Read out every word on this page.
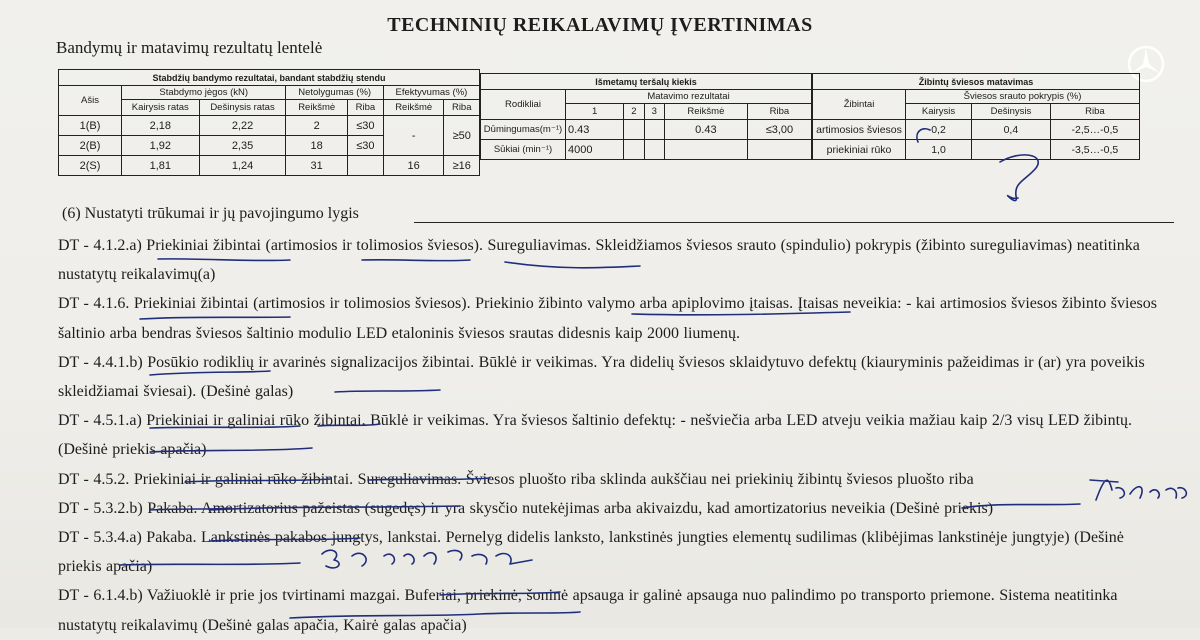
TECHNINIŲ REIKALAVIMŲ ĮVERTINIMAS
Bandymų ir matavimų rezultatų lentelė
Stabdžių bandymo rezultatai, bandant stabdžių stendu						
Ašis	Stabdymo jėgos (kN)		Netolygumas (%)		Efektyvumas (%)	
	Kairysis ratas	Dešinysis ratas	Reikšmė	Riba	Reikšmė	Riba
1(B)	2,18	2,22	2	≤30	-	≥50
2(B)	1,92	2,35	18	≤30		
2(S)	1,81	1,24	31		16	≥16
Išmetamų teršalų kiekis					
Rodikliai	Matavimo rezultatai				
	1	2	3	Reikšmė	Riba
Dūmingumas(m⁻¹)	0.43			0.43	≤3,00
Sūkiai (min⁻¹)	4000				
Žibintų šviesos matavimas			
Žibintai	Šviesos srauto pokrypis (%)		
	Kairysis	Dešinysis	Riba
artimosios šviesos	0,2	0,4	-2,5…-0,5
priekiniai rūko	1,0		-3,5…-0,5
(6) Nustatyti trūkumai ir jų pavojingumo lygis

DT - 4.1.2.a) Priekiniai žibintai (artimosios ir tolimosios šviesos). Sureguliavimas. Skleidžiamos šviesos srauto (spindulio) pokrypis (žibinto sureguliavimas) neatitinka nustatytų reikalavimų(a)

DT - 4.1.6. Priekiniai žibintai (artimosios ir tolimosios šviesos). Priekinio žibinto valymo arba apiplovimo įtaisas. Įtaisas neveikia: - kai artimosios šviesos žibinto šviesos šaltinio arba bendras šviesos šaltinio modulio LED etaloninis šviesos srautas didesnis kaip 2000 liumenų.

DT - 4.4.1.b) Posūkio rodiklių ir avarinės signalizacijos žibintai. Būklė ir veikimas. Yra didelių šviesos sklaidytuvo defektų (kiauryminis pažeidimas ir (ar) yra poveikis skleidžiamai šviesai). (Dešinė galas)

DT - 4.5.1.a) Priekiniai ir galiniai rūko žibintai. Būklė ir veikimas. Yra šviesos šaltinio defektų: - nešviečia arba LED atveju veikia mažiau kaip 2/3 visų LED žibintų. (Dešinė priekis apačia)

DT - 4.5.2. Priekiniai ir galiniai rūko žibintai. Sureguliavimas. Šviesos pluošto riba sklinda aukščiau nei priekinių žibintų šviesos pluošto riba

DT - 5.3.2.b) Pakaba. Amortizatorius pažeistas (sugedęs) ir yra skysčio nutekėjimas arba akivaizdu, kad amortizatorius neveikia (Dešinė priekis)

DT - 5.3.4.a) Pakaba. Lankstinės pakabos jungtys, lankstai. Pernelyg didelis lanksto, lankstinės jungties elementų sudilimas (klibėjimas lankstinėje jungtyje) (Dešinė priekis apačia)

DT - 6.1.4.b) Važiuoklė ir prie jos tvirtinami mazgai. Buferiai, priekinė, šoninė apsauga ir galinė apsauga nuo palindimo po transporto priemone. Sistema neatitinka nustatytų reikalavimų (Dešinė galas apačia, Kairė galas apačia)
